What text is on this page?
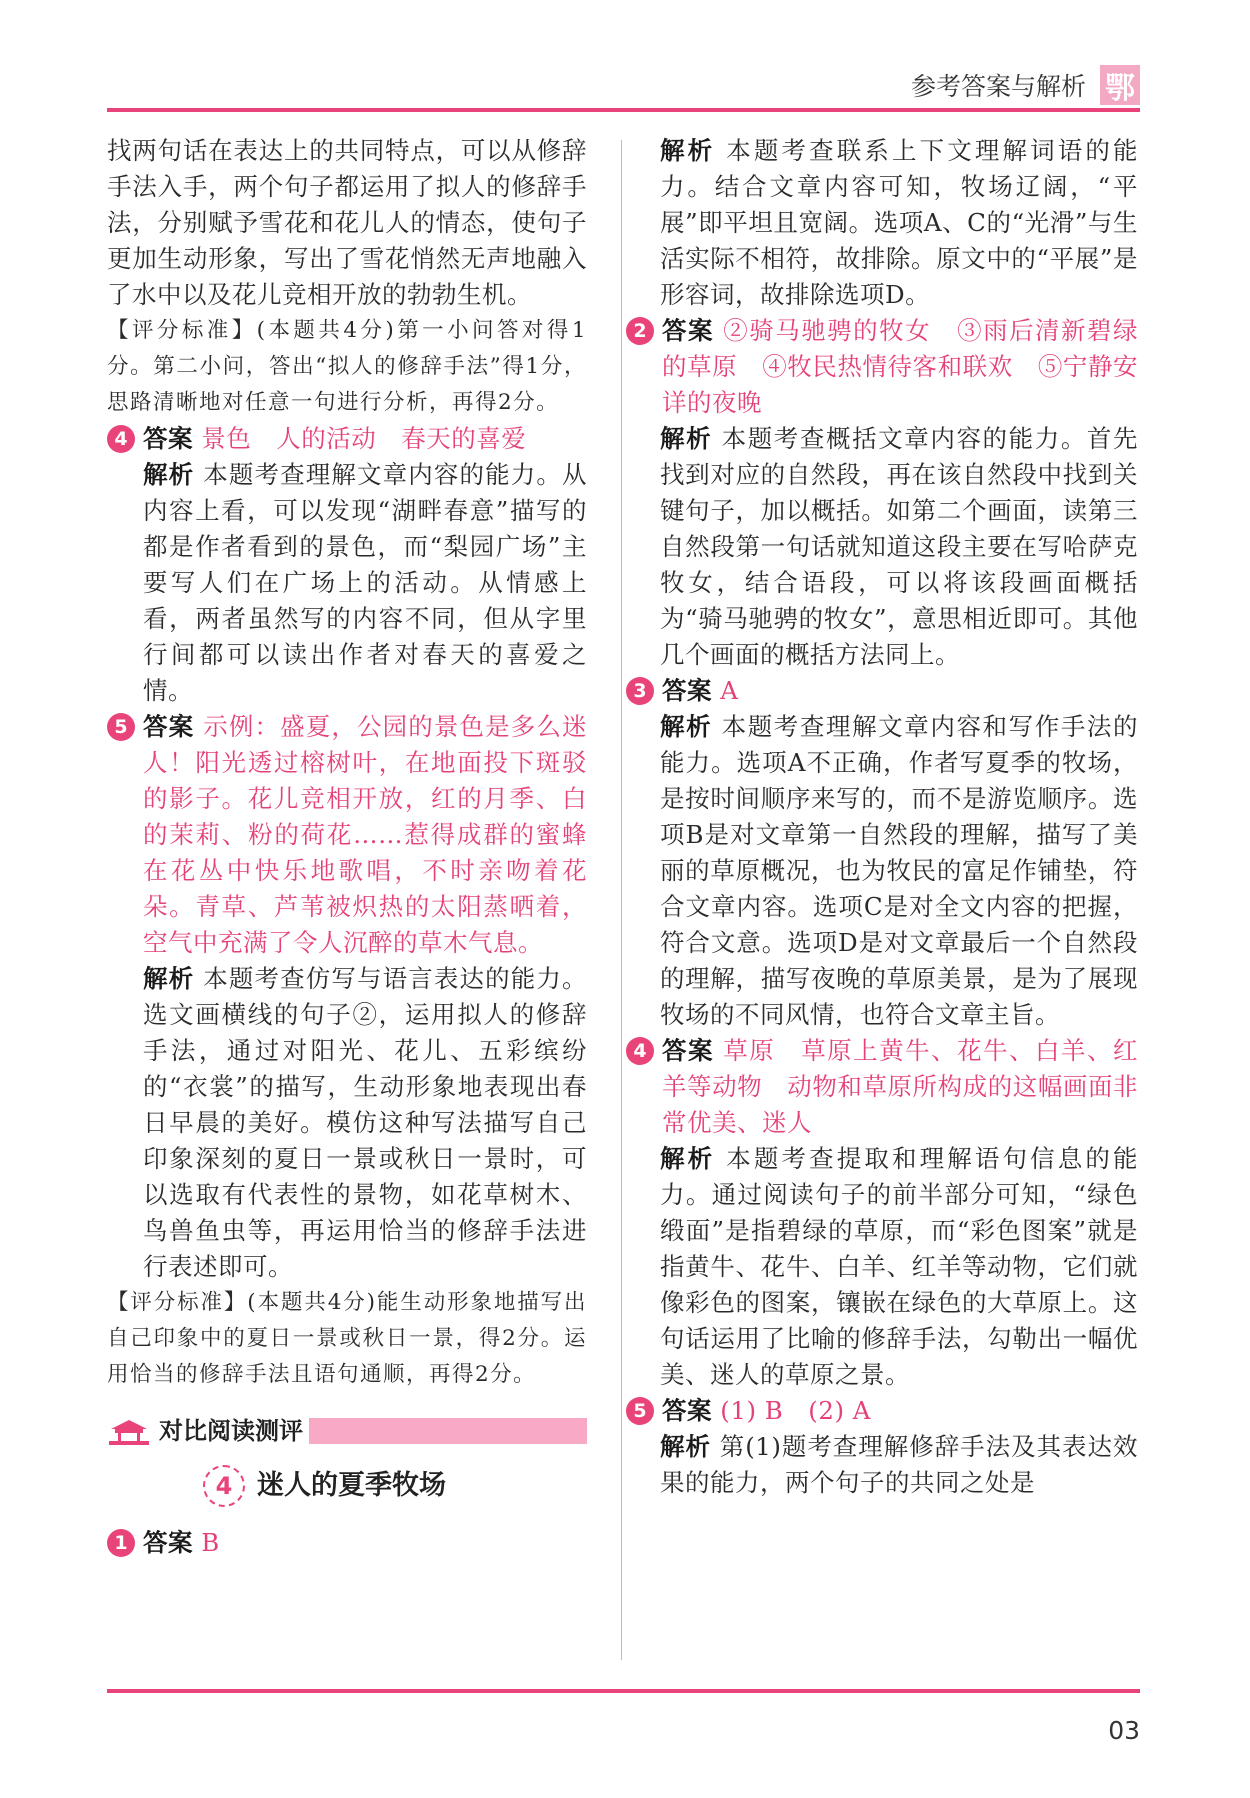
参考答案与解析 鄂

找两句话在表达上的共同特点，可以从修辞手法入手，两个句子都运用了拟人的修辞手法，分别赋予雪花和花儿人的情态，使句子更加生动形象，写出了雪花悄然无声地融入了水中以及花儿竞相开放的勃勃生机。

【评分标准】(本题共4分)第一小问答对得1分。第二小问，答出“拟人的修辞手法”得1分，思路清晰地对任意一句进行分析，再得2分。

4 答案 景色　人的活动　春天的喜爱

解析 本题考查理解文章内容的能力。从内容上看，可以发现“湖畔春意”描写的都是作者看到的景色，而“梨园广场”主要写人们在广场上的活动。从情感上看，两者虽然写的内容不同，但从字里行间都可以读出作者对春天的喜爱之情。

5 答案 示例：盛夏，公园的景色是多么迷人！阳光透过榕树叶，在地面投下斑驳的影子。花儿竞相开放，红的月季、白的茉莉、粉的荷花……惹得成群的蜜蜂在花丛中快乐地歌唱，不时亲吻着花朵。青草、芦苇被炽热的太阳蒸晒着，空气中充满了令人沉醉的草木气息。

解析 本题考查仿写与语言表达的能力。选文画横线的句子②，运用拟人的修辞手法，通过对阳光、花儿、五彩缤纷的“衣裳”的描写，生动形象地表现出春日早晨的美好。模仿这种写法描写自己印象深刻的夏日一景或秋日一景时，可以选取有代表性的景物，如花草树木、鸟兽鱼虫等，再运用恰当的修辞手法进行表述即可。

【评分标准】(本题共4分)能生动形象地描写出自己印象中的夏日一景或秋日一景，得2分。运用恰当的修辞手法且语句通顺，再得2分。

对比阅读测评
4 迷人的夏季牧场
1 答案 B

解析 本题考查联系上下文理解词语的能力。结合文章内容可知，牧场辽阔，“平展”即平坦且宽阔。选项A、C的“光滑”与生活实际不相符，故排除。原文中的“平展”是形容词，故排除选项D。

2 答案 ②骑马驰骋的牧女　③雨后清新碧绿的草原　④牧民热情待客和联欢　⑤宁静安详的夜晚

解析 本题考查概括文章内容的能力。首先找到对应的自然段，再在该自然段中找到关键句子，加以概括。如第二个画面，读第三自然段第一句话就知道这段主要在写哈萨克牧女，结合语段，可以将该段画面概括为“骑马驰骋的牧女”，意思相近即可。其他几个画面的概括方法同上。

3 答案 A

解析 本题考查理解文章内容和写作手法的能力。选项A不正确，作者写夏季的牧场，是按时间顺序来写的，而不是游览顺序。选项B是对文章第一自然段的理解，描写了美丽的草原概况，也为牧民的富足作铺垫，符合文章内容。选项C是对全文内容的把握，符合文意。选项D是对文章最后一个自然段的理解，描写夜晚的草原美景，是为了展现牧场的不同风情，也符合文章主旨。

4 答案 草原　草原上黄牛、花牛、白羊、红羊等动物　动物和草原所构成的这幅画面非常优美、迷人

解析 本题考查提取和理解语句信息的能力。通过阅读句子的前半部分可知，“绿色缎面”是指碧绿的草原，而“彩色图案”就是指黄牛、花牛、白羊、红羊等动物，它们就像彩色的图案，镶嵌在绿色的大草原上。这句话运用了比喻的修辞手法，勾勒出一幅优美、迷人的草原之景。

5 答案 (1) B　(2) A

解析 第(1)题考查理解修辞手法及其表达效果的能力，两个句子的共同之处是

03
